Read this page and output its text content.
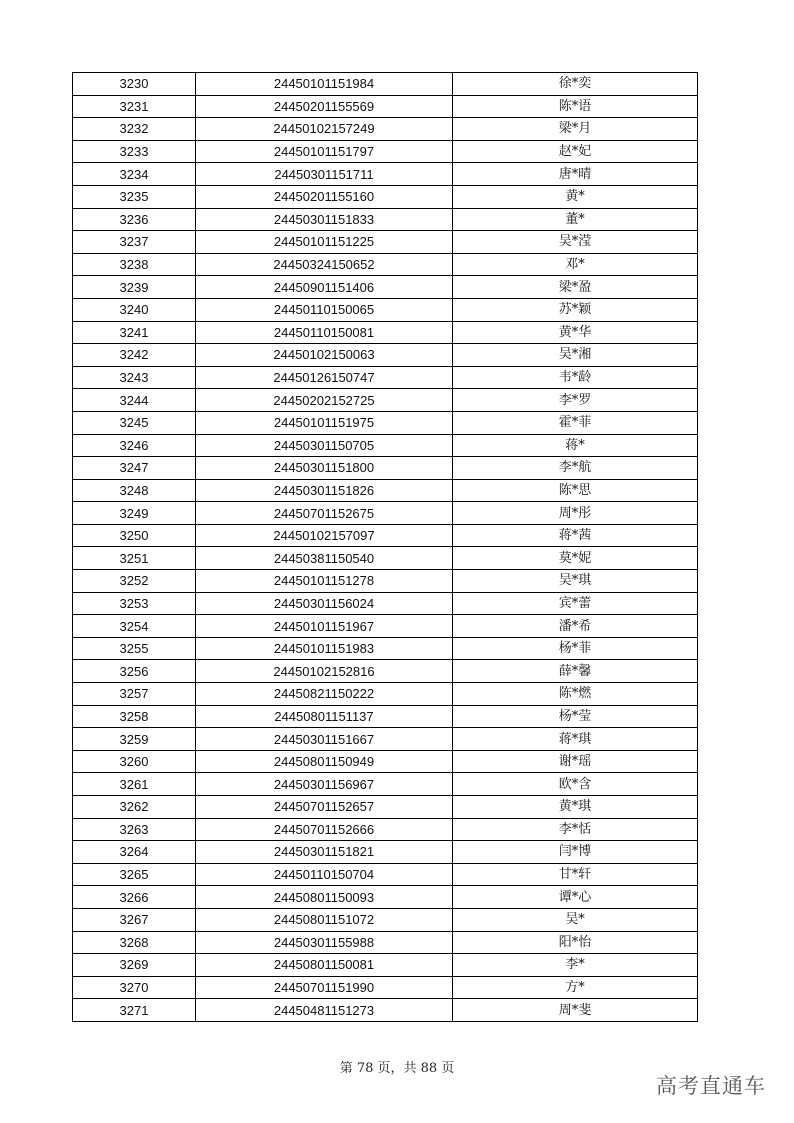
3230	24450101151984	徐*奕
3231	24450201155569	陈*语
3232	24450102157249	梁*月
3233	24450101151797	赵*妃
3234	24450301151711	唐*晴
3235	24450201155160	黄*
3236	24450301151833	董*
3237	24450101151225	吴*滢
3238	24450324150652	邓*
3239	24450901151406	梁*盈
3240	24450110150065	苏*颖
3241	24450110150081	黄*华
3242	24450102150063	吴*湘
3243	24450126150747	韦*龄
3244	24450202152725	李*罗
3245	24450101151975	霍*菲
3246	24450301150705	蒋*
3247	24450301151800	李*航
3248	24450301151826	陈*思
3249	24450701152675	周*彤
3250	24450102157097	蒋*茜
3251	24450381150540	莫*妮
3252	24450101151278	吴*琪
3253	24450301156024	宾*蕾
3254	24450101151967	潘*希
3255	24450101151983	杨*菲
3256	24450102152816	薛*馨
3257	24450821150222	陈*燃
3258	24450801151137	杨*莹
3259	24450301151667	蒋*琪
3260	24450801150949	谢*瑶
3261	24450301156967	欧*含
3262	24450701152657	黄*琪
3263	24450701152666	李*恬
3264	24450301151821	闫*博
3265	24450110150704	甘*轩
3266	24450801150093	谭*心
3267	24450801151072	吴*
3268	24450301155988	阳*怡
3269	24450801150081	李*
3270	24450701151990	方*
3271	24450481151273	周*斐
第 78 页，共 88 页
高考直通车
